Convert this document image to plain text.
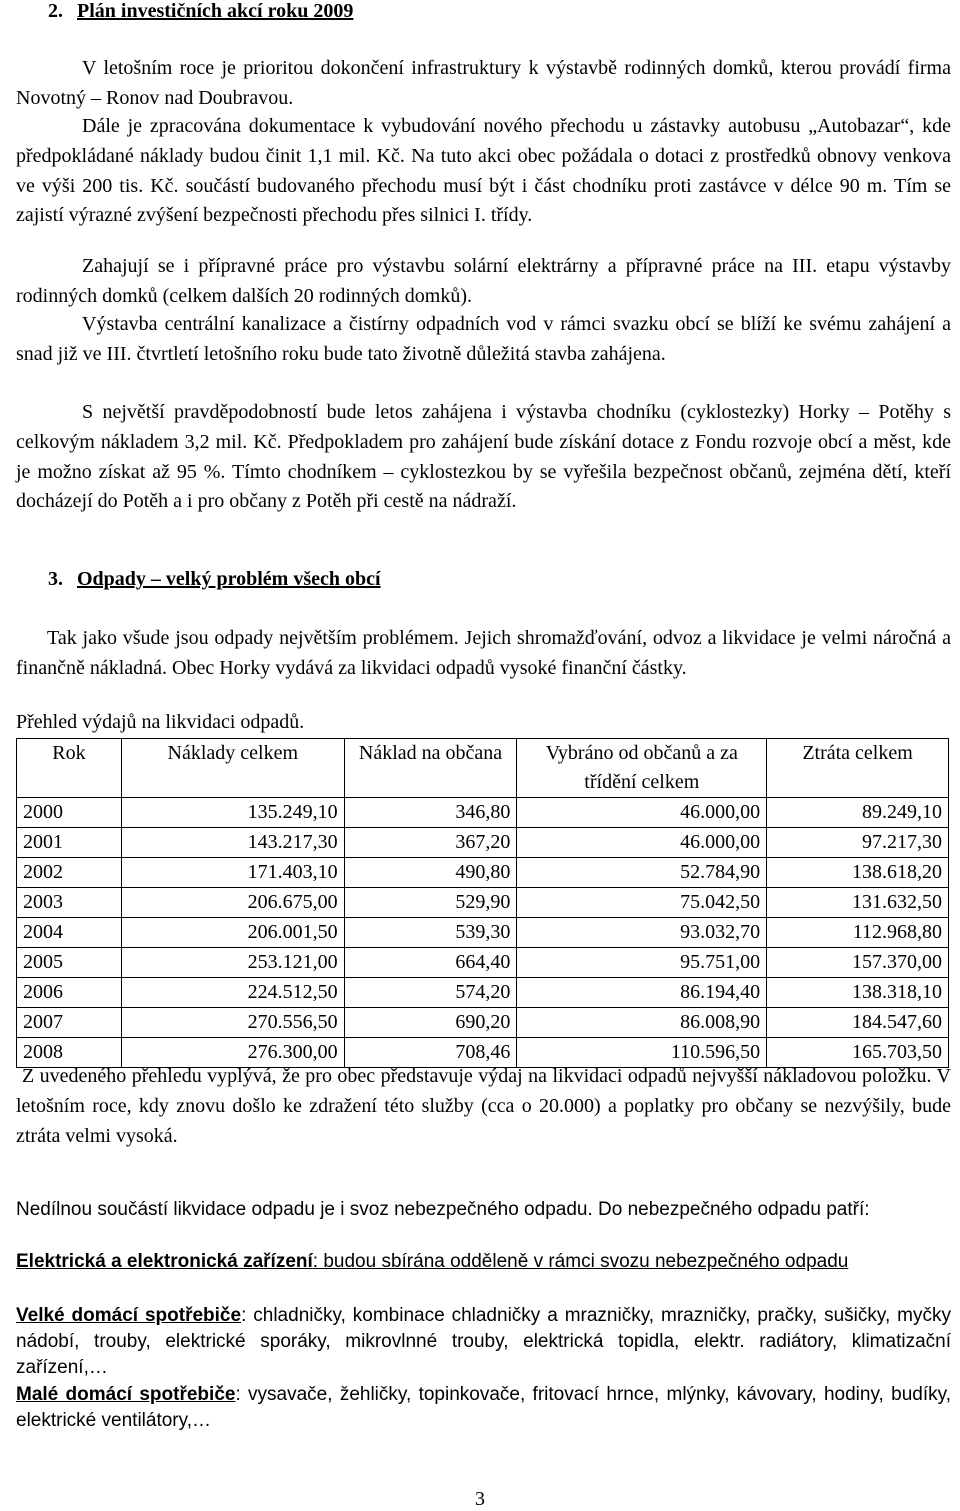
2. Plán investičních akcí roku 2009

V letošním roce je prioritou dokončení infrastruktury k výstavbě rodinných domků, kterou provádí firma Novotný – Ronov nad Doubravou.

Dále je zpracována dokumentace k vybudování nového přechodu u zástavky autobusu „Autobazar“, kde předpokládané náklady budou činit 1,1 mil. Kč. Na tuto akci obec požádala o dotaci z prostředků obnovy venkova ve výši 200 tis. Kč. součástí budovaného přechodu musí být i část chodníku proti zastávce v délce 90 m. Tím se zajistí výrazné zvýšení bezpečnosti přechodu přes silnici I. třídy.

Zahajují se i přípravné práce pro výstavbu solární elektrárny a přípravné práce na III. etapu výstavby rodinných domků (celkem dalších 20 rodinných domků).

Výstavba centrální kanalizace a čistírny odpadních vod v rámci svazku obcí se blíží ke svému zahájení a snad již ve III. čtvrtletí letošního roku bude tato životně důležitá stavba zahájena.

S největší pravděpodobností bude letos zahájena i výstavba chodníku (cyklostezky) Horky – Potěhy s celkovým nákladem 3,2 mil. Kč. Předpokladem pro zahájení bude získání dotace z Fondu rozvoje obcí a měst, kde je možno získat až 95 %. Tímto chodníkem – cyklostezkou by se vyřešila bezpečnost občanů, zejména dětí, kteří docházejí do Potěh a i pro občany z Potěh při cestě na nádraží.

3. Odpady – velký problém všech obcí

Tak jako všude jsou odpady největším problémem. Jejich shromažďování, odvoz a likvidace je velmi náročná a finančně nákladná. Obec Horky vydává za likvidaci odpadů vysoké finanční částky.

Přehled výdajů na likvidaci odpadů.
Rok	Náklady celkem	Náklad na občana	Vybráno od občanů a za třídění celkem	Ztráta celkem
2000	135.249,10	346,80	46.000,00	89.249,10
2001	143.217,30	367,20	46.000,00	97.217,30
2002	171.403,10	490,80	52.784,90	138.618,20
2003	206.675,00	529,90	75.042,50	131.632,50
2004	206.001,50	539,30	93.032,70	112.968,80
2005	253.121,00	664,40	95.751,00	157.370,00
2006	224.512,50	574,20	86.194,40	138.318,10
2007	270.556,50	690,20	86.008,90	184.547,60
2008	276.300,00	708,46	110.596,50	165.703,50

Z uvedeného přehledu vyplývá, že pro obec představuje výdaj na likvidaci odpadů nejvyšší nákladovou položku. V letošním roce, kdy znovu došlo ke zdražení této služby (cca o 20.000) a poplatky pro občany se nezvýšily, bude ztráta velmi vysoká.

Nedílnou součástí likvidace odpadu je i svoz nebezpečného odpadu. Do nebezpečného odpadu patří:

Elektrická a elektronická zařízení: budou sbírána odděleně v rámci svozu nebezpečného odpadu

Velké domácí spotřebiče: chladničky, kombinace chladničky a mrazničky, mrazničky, pračky, sušičky, myčky nádobí, trouby, elektrické sporáky, mikrovlnné trouby, elektrická topidla, elektr. radiátory, klimatizační zařízení,…

Malé domácí spotřebiče: vysavače, žehličky, topinkovače, fritovací hrnce, mlýnky, kávovary, hodiny, budíky, elektrické ventilátory,…

3
